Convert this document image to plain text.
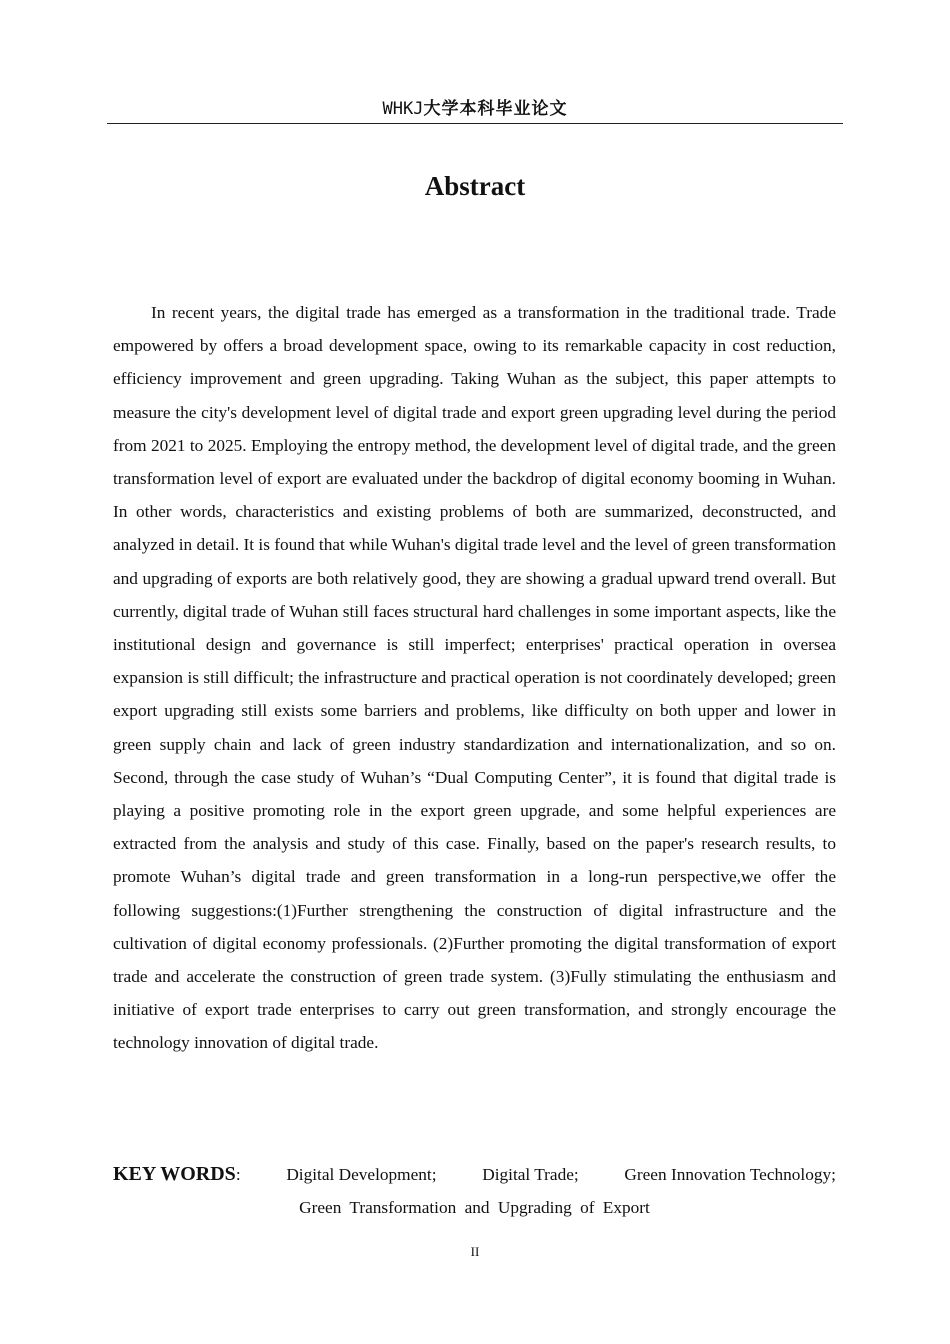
WHKJ大学本科毕业论文
Abstract

In recent years, the digital trade has emerged as a transformation in the traditional trade. Trade empowered by offers a broad development space, owing to its remarkable capacity in cost reduction, efficiency improvement and green upgrading. Taking Wuhan as the subject, this paper attempts to measure the city's development level of digital trade and export green upgrading level during the period from 2021 to 2025. Employing the entropy method, the development level of digital trade, and the green transformation level of export are evaluated under the backdrop of digital economy booming in Wuhan. In other words, characteristics and existing problems of both are summarized, deconstructed, and analyzed in detail. It is found that while Wuhan's digital trade level and the level of green transformation and upgrading of exports are both relatively good, they are showing a gradual upward trend overall. But currently, digital trade of Wuhan still faces structural hard challenges in some important aspects, like the institutional design and governance is still imperfect; enterprises' practical operation in oversea expansion is still difficult; the infrastructure and practical operation is not coordinately developed; green export upgrading still exists some barriers and problems, like difficulty on both upper and lower in green supply chain and lack of green industry standardization and internationalization, and so on. Second, through the case study of Wuhan’s “Dual Computing Center”, it is found that digital trade is playing a positive promoting role in the export green upgrade, and some helpful experiences are extracted from the analysis and study of this case. Finally, based on the paper's research results, to promote Wuhan’s digital trade and green transformation in a long-run perspective,we offer the following suggestions:(1)Further strengthening the construction of digital infrastructure and the cultivation of digital economy professionals. (2)Further promoting the digital transformation of export trade and accelerate the construction of green trade system. (3)Fully stimulating the enthusiasm and initiative of export trade enterprises to carry out green transformation, and strongly encourage the technology innovation of digital trade.

KEY WORDS:	Digital Development;	Digital Trade;	Green Innovation Technology;
Green Transformation and Upgrading of Export
II
